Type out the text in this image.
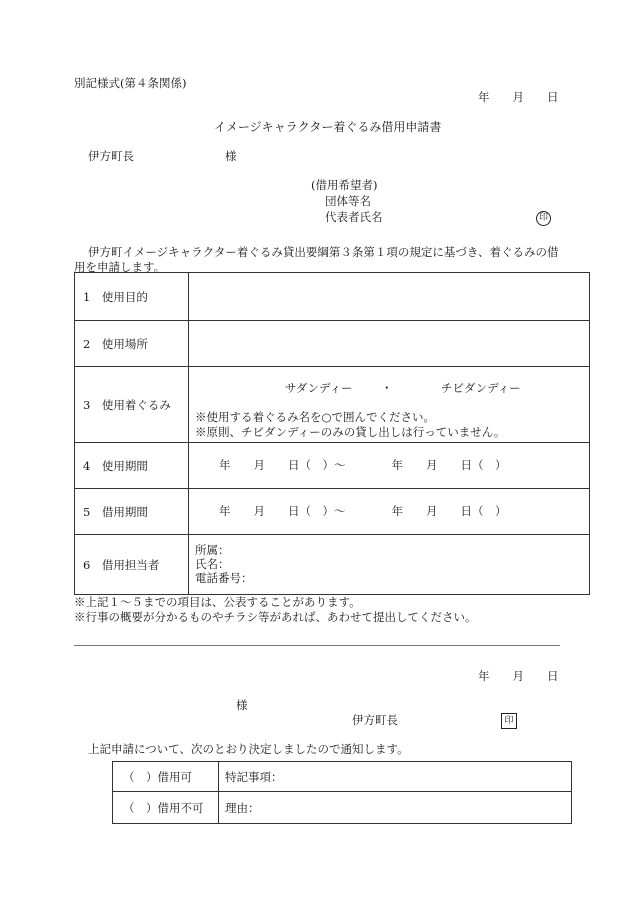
別記様式(第４条関係)
年　　月　　日
イメージキャラクター着ぐるみ借用申請書
伊方町長	様
(借用希望者)
団体等名
代表者氏名	印
伊方町イメージキャラクター着ぐるみ貸出要綱第３条第１項の規定に基づき、着ぐるみの借
用を申請します。
1　使用目的
2　使用場所
3　使用着ぐるみ
サダンディー ・	チビダンディー
※使用する着ぐるみ名を○で囲んでください。
※原則、チビダンディーのみの貸し出しは行っていません。
4　使用期間	年　　月　　日（　）～　　　　年　　月　　日（　）
5　借用期間	年　　月　　日（　）～　　　　年　　月　　日（　）
6　借用担当者
所属：
氏名：
電話番号：
※上記１～５までの項目は、公表することがあります。
※行事の概要が分かるものやチラシ等があれば、あわせて提出してください。
年　　月　　日
様
伊方町長	印
上記申請について、次のとおり決定しましたので通知します。
（　）借用可	特記事項：
（　）借用不可	理由：
